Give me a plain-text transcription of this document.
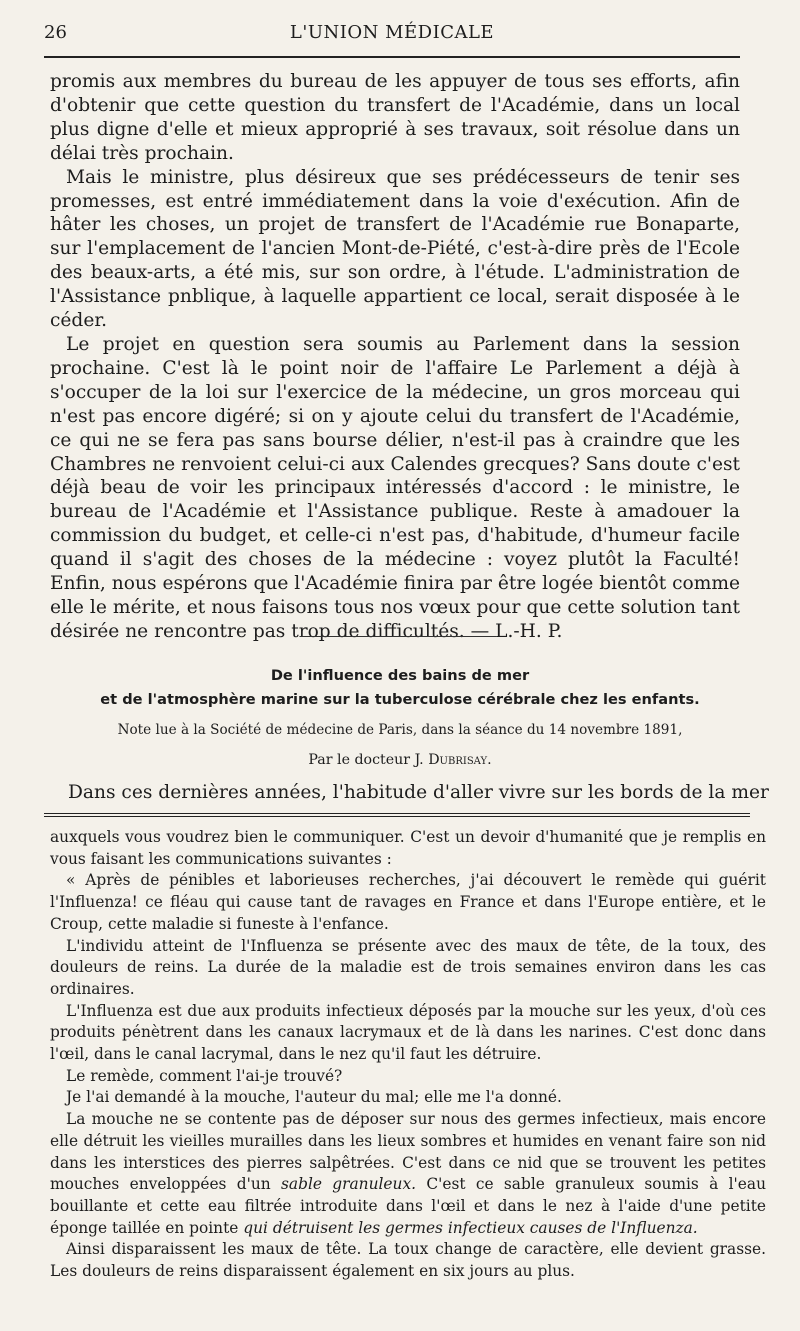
26	L'UNION MÉDICALE

promis aux membres du bureau de les appuyer de tous ses efforts, afin d'obtenir que cette question du transfert de l'Académie, dans un local plus digne d'elle et mieux approprié à ses travaux, soit résolue dans un délai très prochain.

Mais le ministre, plus désireux que ses prédécesseurs de tenir ses promesses, est entré immédiatement dans la voie d'exécution. Afin de hâter les choses, un projet de transfert de l'Académie rue Bonaparte, sur l'emplacement de l'ancien Mont-de-Piété, c'est-à-dire près de l'Ecole des beaux-arts, a été mis, sur son ordre, à l'étude. L'administration de l'Assistance pnblique, à laquelle appartient ce local, serait disposée à le céder.

Le projet en question sera soumis au Parlement dans la session prochaine. C'est là le point noir de l'affaire Le Parlement a déjà à s'occuper de la loi sur l'exercice de la médecine, un gros morceau qui n'est pas encore digéré; si on y ajoute celui du transfert de l'Académie, ce qui ne se fera pas sans bourse délier, n'est-il pas à craindre que les Chambres ne renvoient celui-ci aux Calendes grecques? Sans doute c'est déjà beau de voir les principaux intéressés d'accord : le ministre, le bureau de l'Académie et l'Assistance publique. Reste à amadouer la commission du budget, et celle-ci n'est pas, d'habitude, d'humeur facile quand il s'agit des choses de la médecine : voyez plutôt la Faculté! Enfin, nous espérons que l'Académie finira par être logée bientôt comme elle le mérite, et nous faisons tous nos vœux pour que cette solution tant désirée ne rencontre pas trop de difficultés. — L.-H. P.

De l'influence des bains de mer

et de l'atmosphère marine sur la tuberculose cérébrale chez les enfants.

Note lue à la Société de médecine de Paris, dans la séance du 14 novembre 1891,

Par le docteur J. Dubrisay.

Dans ces dernières années, l'habitude d'aller vivre sur les bords de la mer

auxquels vous voudrez bien le communiquer. C'est un devoir d'humanité que je remplis en vous faisant les communications suivantes :

« Après de pénibles et laborieuses recherches, j'ai découvert le remède qui guérit l'Influenza! ce fléau qui cause tant de ravages en France et dans l'Europe entière, et le Croup, cette maladie si funeste à l'enfance.

L'individu atteint de l'Influenza se présente avec des maux de tête, de la toux, des douleurs de reins. La durée de la maladie est de trois semaines environ dans les cas ordinaires.

L'Influenza est due aux produits infectieux déposés par la mouche sur les yeux, d'où ces produits pénètrent dans les canaux lacrymaux et de là dans les narines. C'est donc dans l'œil, dans le canal lacrymal, dans le nez qu'il faut les détruire.

Le remède, comment l'ai-je trouvé?

Je l'ai demandé à la mouche, l'auteur du mal; elle me l'a donné.

La mouche ne se contente pas de déposer sur nous des germes infectieux, mais encore elle détruit les vieilles murailles dans les lieux sombres et humides en venant faire son nid dans les interstices des pierres salpêtrées. C'est dans ce nid que se trouvent les petites mouches enveloppées d'un sable granuleux. C'est ce sable granuleux soumis à l'eau bouillante et cette eau filtrée introduite dans l'œil et dans le nez à l'aide d'une petite éponge taillée en pointe qui détruisent les germes infectieux causes de l'Influenza.

Ainsi disparaissent les maux de tête. La toux change de caractère, elle devient grasse. Les douleurs de reins disparaissent également en six jours au plus.
